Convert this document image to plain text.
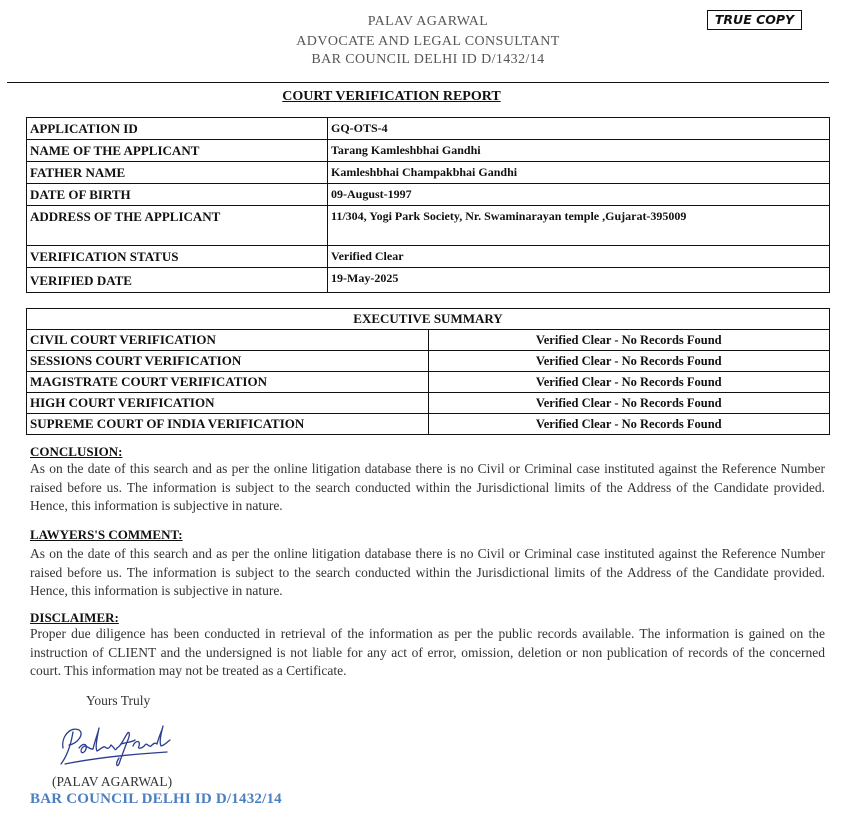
PALAV AGARWAL
ADVOCATE AND LEGAL CONSULTANT
BAR COUNCIL DELHI ID D/1432/14
TRUE COPY
COURT VERIFICATION REPORT
APPLICATION ID	GQ-OTS-4
NAME OF THE APPLICANT	Tarang Kamleshbhai Gandhi
FATHER NAME	Kamleshbhai Champakbhai Gandhi
DATE OF BIRTH	09-August-1997
ADDRESS OF THE APPLICANT	11/304, Yogi Park Society, Nr. Swaminarayan temple ,Gujarat-395009
VERIFICATION STATUS	Verified Clear
VERIFIED DATE	19-May-2025
EXECUTIVE SUMMARY	
CIVIL COURT VERIFICATION	Verified Clear - No Records Found
SESSIONS COURT VERIFICATION	Verified Clear - No Records Found
MAGISTRATE COURT VERIFICATION	Verified Clear - No Records Found
HIGH COURT VERIFICATION	Verified Clear - No Records Found
SUPREME COURT OF INDIA VERIFICATION	Verified Clear - No Records Found
CONCLUSION:
As on the date of this search and as per the online litigation database there is no Civil or Criminal case instituted against the Reference Number raised before us. The information is subject to the search conducted within the Jurisdictional limits of the Address of the Candidate provided. Hence, this information is subjective in nature.
LAWYERS'S COMMENT:
As on the date of this search and as per the online litigation database there is no Civil or Criminal case instituted against the Reference Number raised before us. The information is subject to the search conducted within the Jurisdictional limits of the Address of the Candidate provided. Hence, this information is subjective in nature.
DISCLAIMER:
Proper due diligence has been conducted in retrieval of the information as per the public records available. The information is gained on the instruction of CLIENT and the undersigned is not liable for any act of error, omission, deletion or non publication of records of the concerned court. This information may not be treated as a Certificate.
Yours Truly
(PALAV AGARWAL)
BAR COUNCIL DELHI ID D/1432/14
